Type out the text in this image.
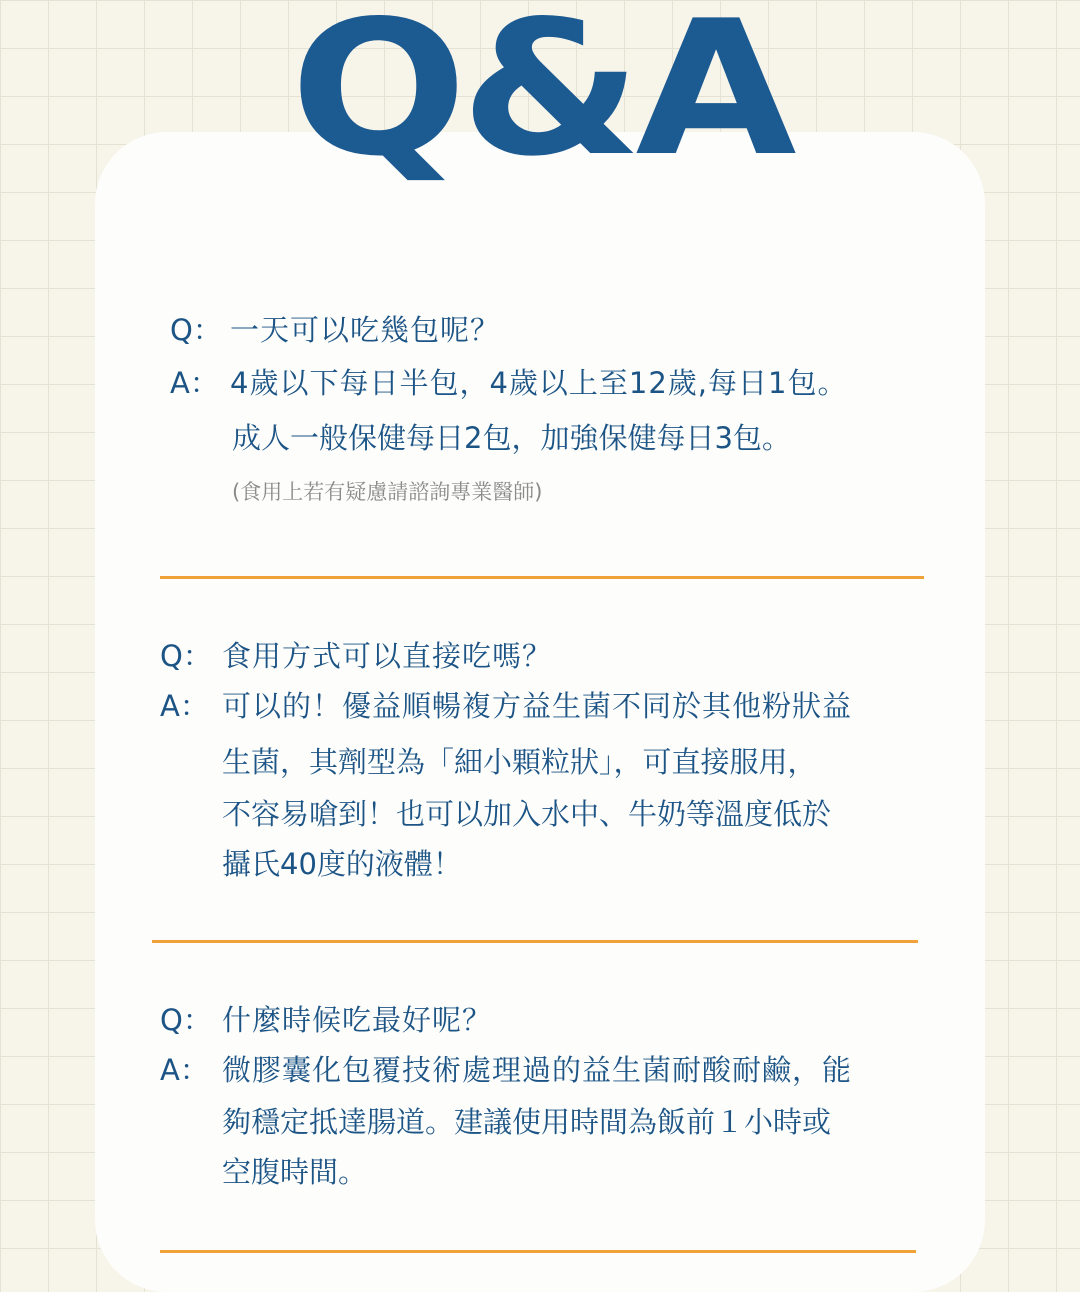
Q&A
Q： 一天可以吃幾包呢？
A： 4歲以下每日半包，4歲以上至12歲,每日1包。
成人一般保健每日2包，加強保健每日3包。
(食用上若有疑慮請諮詢專業醫師)
Q： 食用方式可以直接吃嗎？
A： 可以的！優益順暢複方益生菌不同於其他粉狀益
生菌，其劑型為「細小顆粒狀」，可直接服用，
不容易嗆到！也可以加入水中、牛奶等溫度低於
攝氏40度的液體！
Q： 什麼時候吃最好呢？
A： 微膠囊化包覆技術處理過的益生菌耐酸耐鹼，能
夠穩定抵達腸道。建議使用時間為飯前１小時或
空腹時間。
